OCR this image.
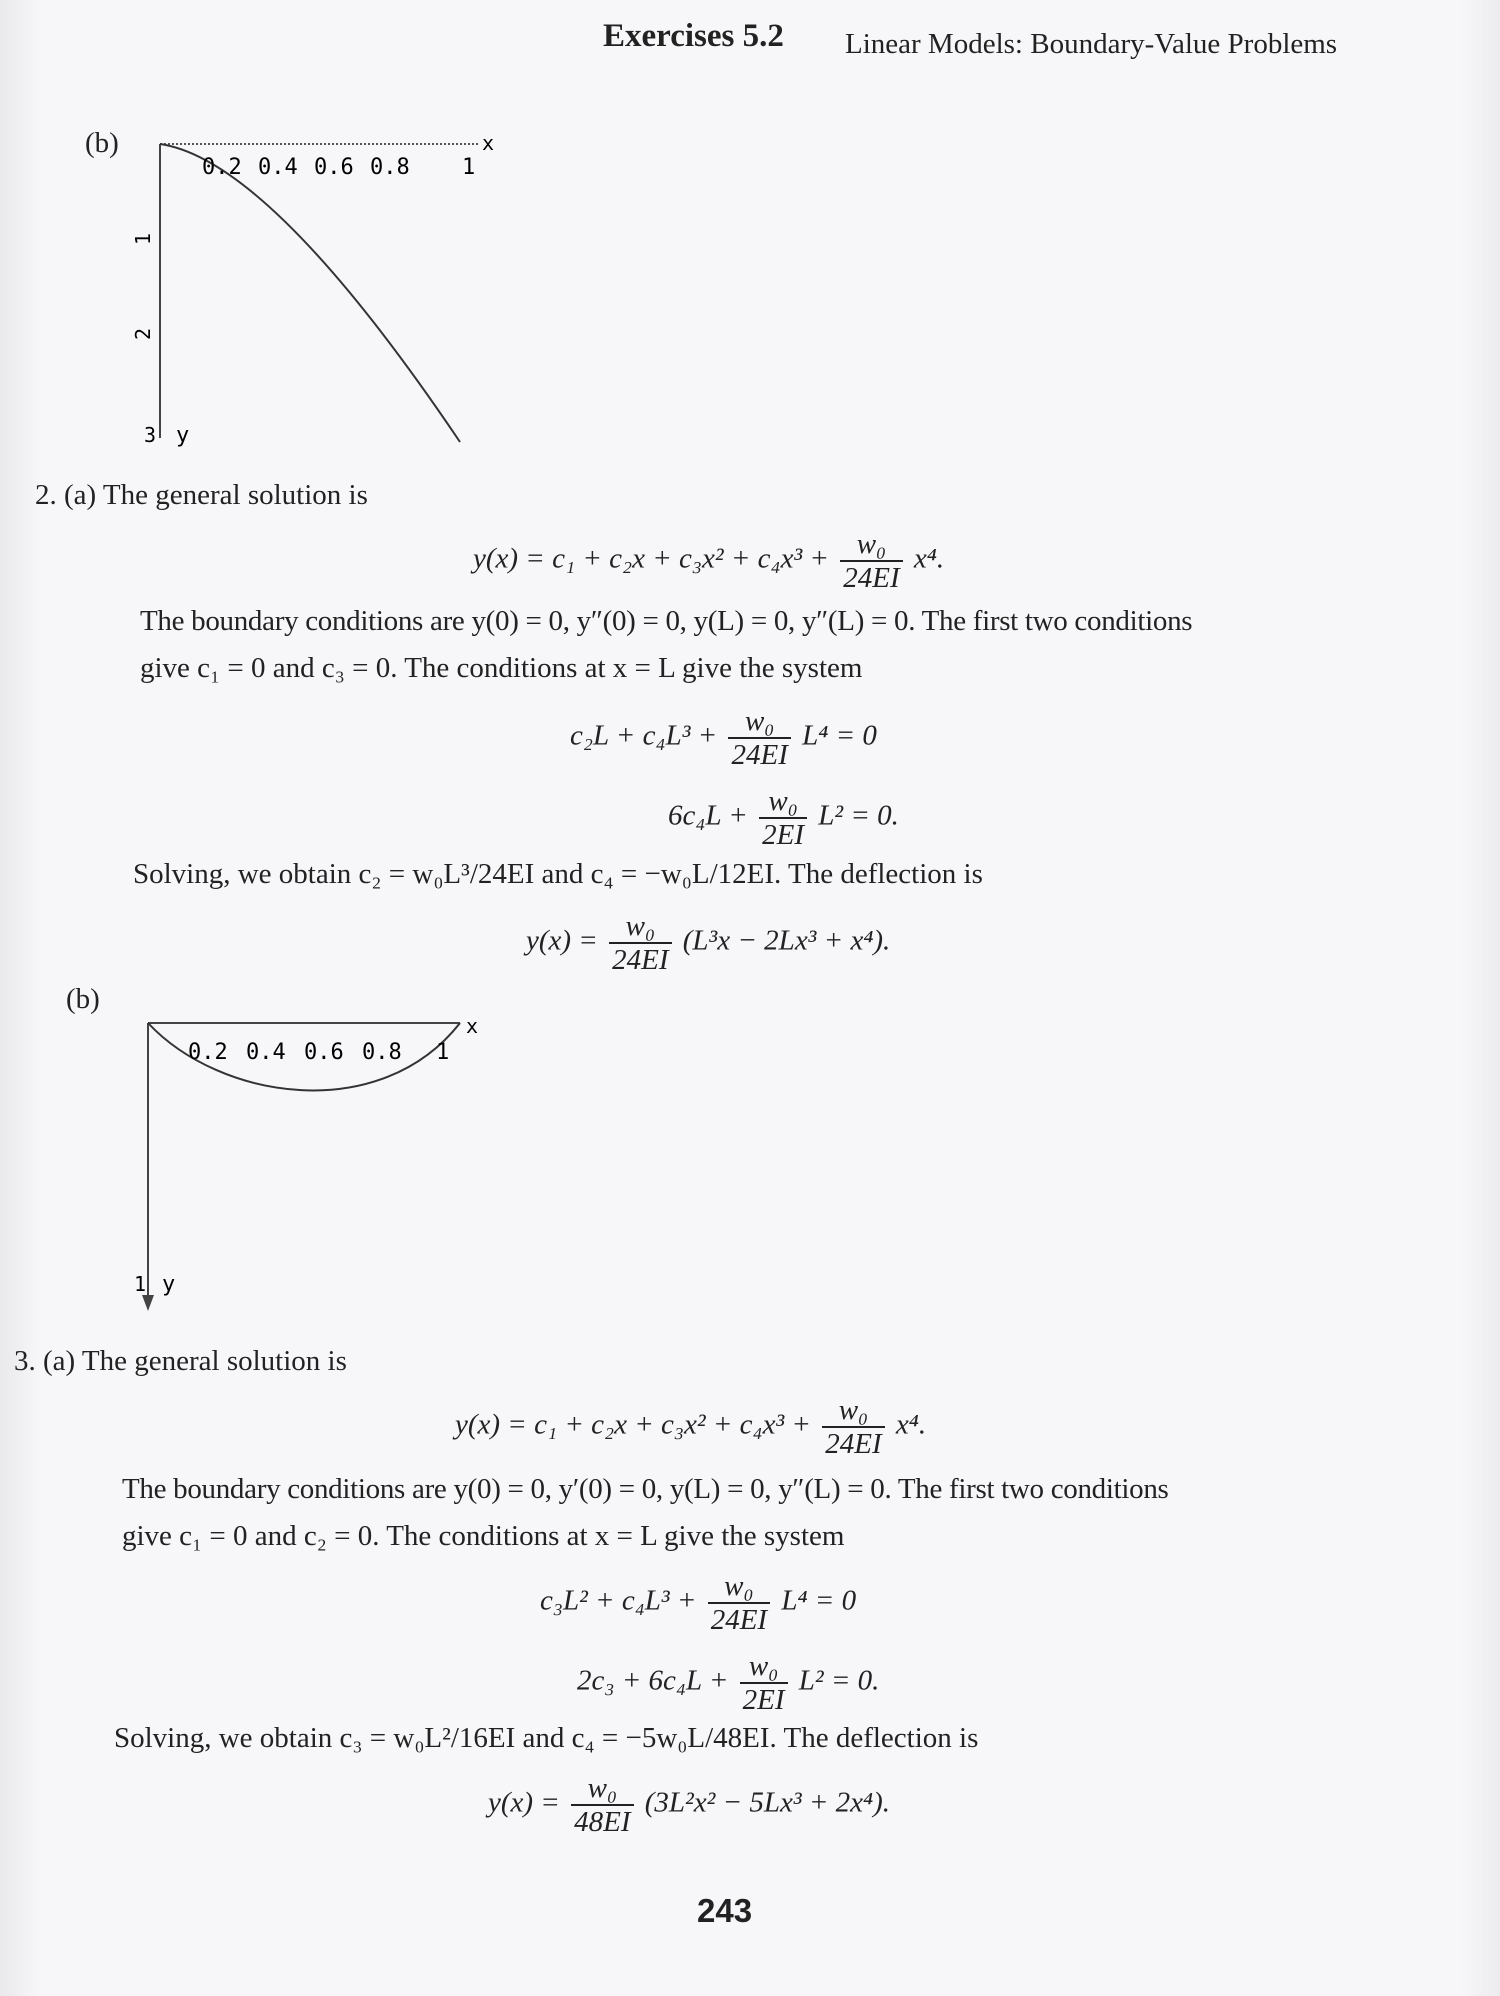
Exercises 5.2 Linear Models: Boundary-Value Problems
(b)
0.2 0.4 0.6 0.8 1
x
1
2
3 y
2. (a) The general solution is
$y(x) = c_1 + c_2x + c_3x^2 + c_4x^3 + \frac{\text{w₀}}{24EI} x^4$.
The boundary conditions are y(0) = 0, y″(0) = 0, y(L) = 0, y″(L) = 0. The first two conditions
give c₁ = 0 and c₃ = 0. The conditions at x = L give the system
$c_2L + c_4L^3 + \frac{\text{w₀}}{24EI} L^4 = 0$
$6c_4L + \frac{\text{w₀}}{2EI} L^2 = 0$.
Solving, we obtain c₂ = w₀L³/24EI and c₄ = −w₀L/12EI. The deflection is
$y(x) = \frac{\text{w₀}}{24EI} (L^3x - 2Lx^3 + x^4)$.
(b)
0.2 0.4 0.6 0.8 1
x
1 y
3. (a) The general solution is
$y(x) = c_1 + c_2x + c_3x^2 + c_4x^3 + \frac{\text{w₀}}{24EI} x^4$.
The boundary conditions are y(0) = 0, y′(0) = 0, y(L) = 0, y″(L) = 0. The first two conditions
give c₁ = 0 and c₂ = 0. The conditions at x = L give the system
$c_3L^2 + c_4L^3 + \frac{\text{w₀}}{24EI} L^4 = 0$
$2c_3 + 6c_4L + \frac{\text{w₀}}{2EI} L^2 = 0$.
Solving, we obtain c₃ = w₀L²/16EI and c₄ = −5w₀L/48EI. The deflection is
$y(x) = \frac{\text{w₀}}{48EI} (3L^2x^2 - 5Lx^3 + 2x^4)$.
243
